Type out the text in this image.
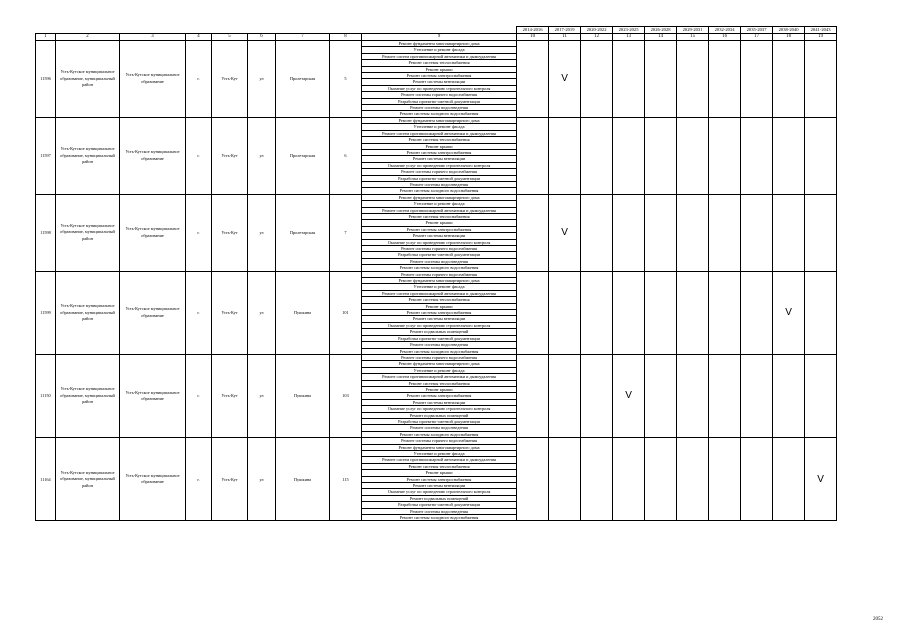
									2014-2016	2017-2019	2020-2022	2023-2025	2026-2028	2029-2031	2032-2034	2035-2037	2038-2040	2041-2043
1	2	3	4	5	6	7	8	9	10	11	12	13	14	15	16	17	18	19
11596	Усть-Кутское муниципальное образование, муниципальный район	Усть-Кутское муниципальное образование	г.	Усть-Кут	ул	Пролетарская	5	Ремонт фундамента многоквартирного дома		V								
								Утепление и ремонт фасада										
								Ремонт систем противопожарной автоматики и дымоудаления										
								Ремонт системы теплоснабжения										
								Ремонт крыши										
								Ремонт системы электроснабжения										
								Ремонт системы вентиляции										
								Оказание услуг по проведению строительного контроля										
								Ремонт системы горячего водоснабжения										
								Разработка проектно-сметной документации										
								Ремонт системы водоотведения										
								Ремонт системы холодного водоснабжения										
11597	Усть-Кутское муниципальное образование, муниципальный район	Усть-Кутское муниципальное образование	г.	Усть-Кут	ул	Пролетарская	6	Ремонт фундамента многоквартирного дома										
								Утепление и ремонт фасада										
								Ремонт систем противопожарной автоматики и дымоудаления										
								Ремонт системы теплоснабжения										
								Ремонт крыши										
								Ремонт системы электроснабжения										
								Ремонт системы вентиляции										
								Оказание услуг по проведению строительного контроля										
								Ремонт системы горячего водоснабжения										
								Разработка проектно-сметной документации										
								Ремонт системы водоотведения										
								Ремонт системы холодного водоснабжения										
11598	Усть-Кутское муниципальное образование, муниципальный район	Усть-Кутское муниципальное образование	г.	Усть-Кут	ул	Пролетарская	7	Ремонт фундамента многоквартирного дома		V								
								Утепление и ремонт фасада										
								Ремонт систем противопожарной автоматики и дымоудаления										
								Ремонт системы теплоснабжения										
								Ремонт крыши										
								Ремонт системы электроснабжения										
								Ремонт системы вентиляции										
								Оказание услуг по проведению строительного контроля										
								Ремонт системы горячего водоснабжения										
								Разработка проектно-сметной документации										
								Ремонт системы водоотведения										
								Ремонт системы холодного водоснабжения										
11599	Усть-Кутское муниципальное образование, муниципальный район	Усть-Кутское муниципальное образование	г.	Усть-Кут	ул	Пушкина	101	Ремонт системы горячего водоснабжения									V	
								Ремонт фундамента многоквартирного дома										
								Утепление и ремонт фасада										
								Ремонт систем противопожарной автоматики и дымоудаления										
								Ремонт системы теплоснабжения										
								Ремонт крыши										
								Ремонт системы электроснабжения										
								Ремонт системы вентиляции										
								Оказание услуг по проведению строительного контроля										
								Ремонт подвальных помещений										
								Разработка проектно-сметной документации										
								Ремонт системы водоотведения										
								Ремонт системы холодного водоснабжения										
11150	Усть-Кутское муниципальное образование, муниципальный район	Усть-Кутское муниципальное образование	г.	Усть-Кут	ул	Пушкина	103	Ремонт системы горячего водоснабжения				V						
								Ремонт фундамента многоквартирного дома										
								Утепление и ремонт фасада										
								Ремонт систем противопожарной автоматики и дымоудаления										
								Ремонт системы теплоснабжения										
								Ремонт крыши										
								Ремонт системы электроснабжения										
								Ремонт системы вентиляции										
								Оказание услуг по проведению строительного контроля										
								Ремонт подвальных помещений										
								Разработка проектно-сметной документации										
								Ремонт системы водоотведения										
								Ремонт системы холодного водоснабжения										
11164	Усть-Кутское муниципальное образование, муниципальный район	Усть-Кутское муниципальное образование	г.	Усть-Кут	ул	Пушкина	115	Ремонт системы горячего водоснабжения										V
								Ремонт фундамента многоквартирного дома										
								Утепление и ремонт фасада										
								Ремонт систем противопожарной автоматики и дымоудаления										
								Ремонт системы теплоснабжения										
								Ремонт крыши										
								Ремонт системы электроснабжения										
								Ремонт системы вентиляции										
								Оказание услуг по проведению строительного контроля										
								Ремонт подвальных помещений										
								Разработка проектно-сметной документации										
								Ремонт системы водоотведения										
								Ремонт системы холодного водоснабжения										
2052
